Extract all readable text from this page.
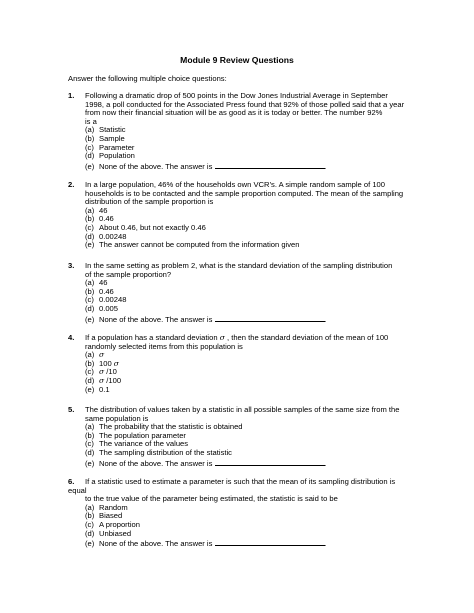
Module 9 Review Questions
Answer the following multiple choice questions:
1. Following a dramatic drop of 500 points in the Dow Jones Industrial Average in September
1998, a poll conducted for the Associated Press found that 92% of those polled said that a year
from now their financial situation will be as good as it is today or better. The number 92%
is a
(a) Statistic
(b) Sample
(c) Parameter
(d) Population
(e) None of the above. The answer is	.
2. In a large population, 46% of the households own VCR’s. A simple random sample of 100
households is to be contacted and the sample proportion computed. The mean of the sampling
distribution of the sample proportion is
(a) 46
(b) 0.46
(c) About 0.46, but not exactly 0.46
(d) 0.00248
(e) The answer cannot be computed from the information given
3. In the same setting as problem 2, what is the standard deviation of the sampling distribution
of the sample proportion?
(a) 46
(b) 0.46
(c) 0.00248
(d) 0.005
(e) None of the above. The answer is	.
4. If a population has a standard deviation σ , then the standard deviation of the mean of 100
randomly selected items from this population is
(a) σ
(b) 100 σ
(c) σ /10
(d) σ /100
(e) 0.1
5. The distribution of values taken by a statistic in all possible samples of the same size from the
same population is
(a) The probability that the statistic is obtained
(b) The population parameter
(c) The variance of the values
(d) The sampling distribution of the statistic
(e) None of the above. The answer is	.
6. If a statistic used to estimate a parameter is such that the mean of its sampling distribution is
equal
to the true value of the parameter being estimated, the statistic is said to be
(a) Random
(b) Biased
(c) A proportion
(d) Unbiased
(e) None of the above. The answer is	.
